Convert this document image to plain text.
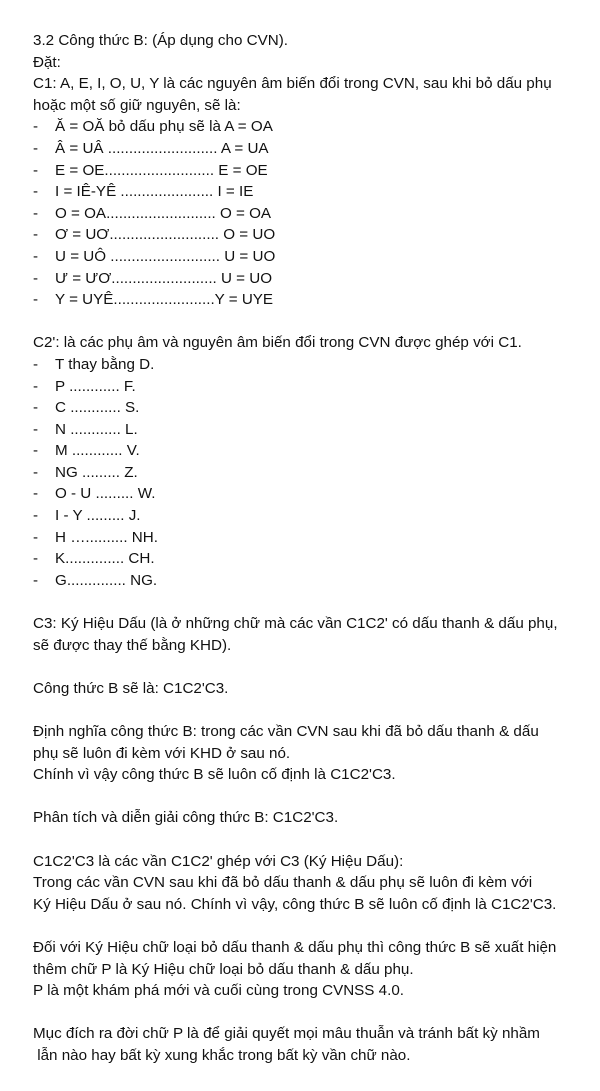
3.2 Công thức B: (Áp dụng cho CVN).
Đặt:
C1: A, E, I, O, U, Y là các nguyên âm biến đổi trong CVN, sau khi bỏ dấu phụ
hoặc một số giữ nguyên, sẽ là:
- Ă = OĂ bỏ dấu phụ sẽ là A = OA
- Â = UÂ .......................... A = UA
- E = OE.......................... E = OE
- I = IÊ-YÊ ...................... I = IE
- O = OA.......................... O = OA
- Ơ = UƠ.......................... O = UO
- U = UÔ .......................... U = UO
- Ư = ƯƠ......................... U = UO
- Y = UYÊ........................Y = UYE
C2': là các phụ âm và nguyên âm biến đổi trong CVN được ghép với C1.
- T thay bằng D.
- P ............ F.
- C ............ S.
- N ............ L.
- M ............ V.
- NG ......... Z.
- O - U ......... W.
- I - Y ......... J.
- H ….......... NH.
- K.............. CH.
- G.............. NG.
C3: Ký Hiệu Dấu (là ở những chữ mà các vần C1C2' có dấu thanh & dấu phụ,
sẽ được thay thế bằng KHD).
Công thức B sẽ là: C1C2'C3.
Định nghĩa công thức B: trong các vần CVN sau khi đã bỏ dấu thanh & dấu
phụ sẽ luôn đi kèm với KHD ở sau nó.
Chính vì vậy công thức B sẽ luôn cố định là C1C2'C3.
Phân tích và diễn giải công thức B: C1C2'C3.
C1C2'C3 là các vần C1C2' ghép với C3 (Ký Hiệu Dấu):
Trong các vần CVN sau khi đã bỏ dấu thanh & dấu phụ sẽ luôn đi kèm với
Ký Hiệu Dấu ở sau nó. Chính vì vậy, công thức B sẽ luôn cố định là C1C2'C3.
Đối với Ký Hiệu chữ loại bỏ dấu thanh & dấu phụ thì công thức B sẽ xuất hiện
thêm chữ P là Ký Hiệu chữ loại bỏ dấu thanh & dấu phụ.
P là một khám phá mới và cuối cùng trong CVNSS 4.0.
Mục đích ra đời chữ P là để giải quyết mọi mâu thuẫn và tránh bất kỳ nhầm
lẫn nào hay bất kỳ xung khắc trong bất kỳ vần chữ nào.
